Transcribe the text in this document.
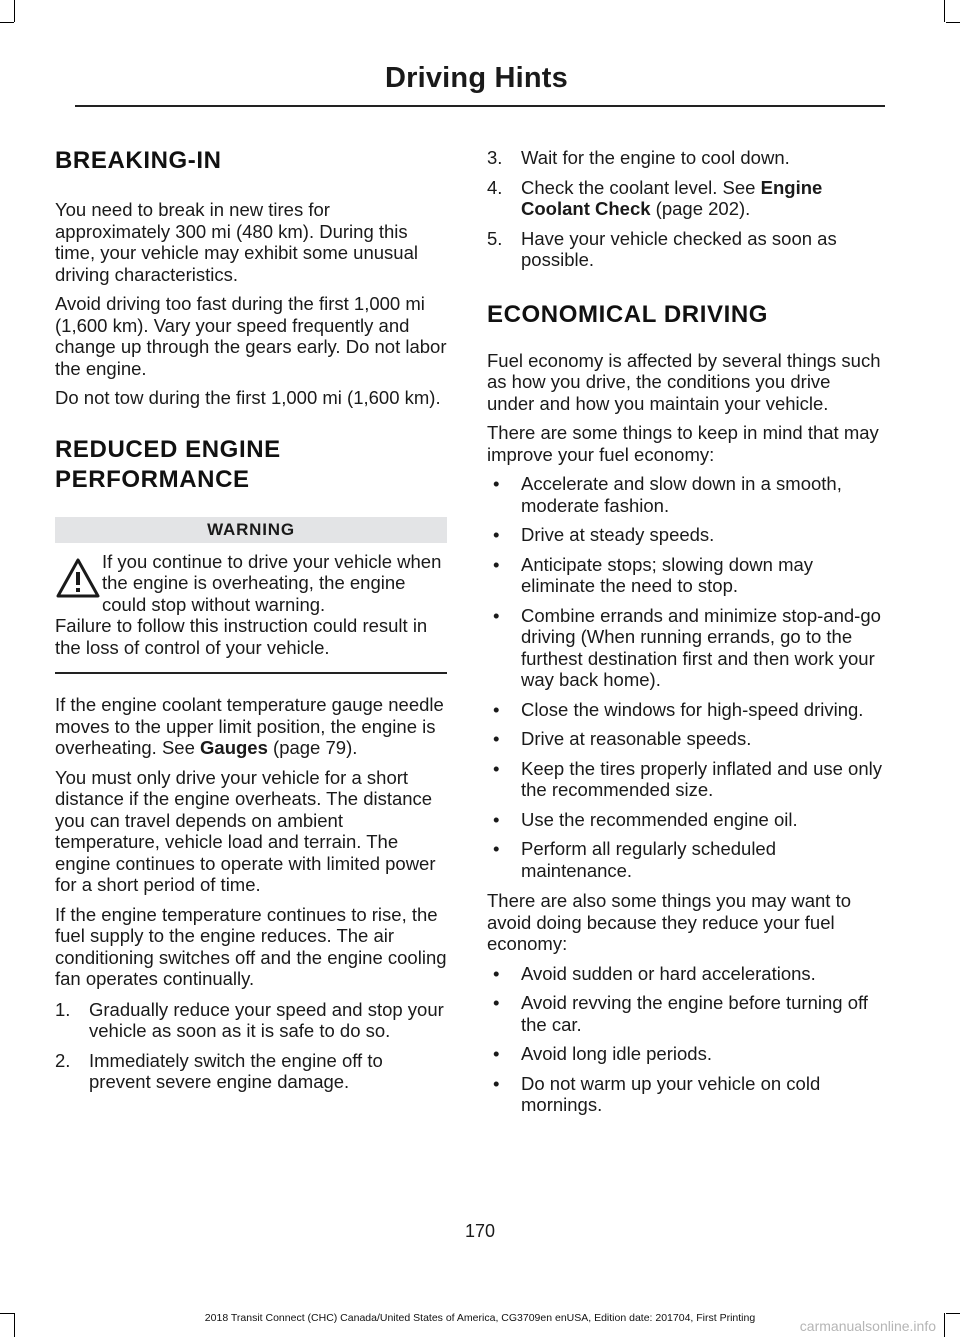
Driving Hints
BREAKING-IN

You need to break in new tires for approximately 300 mi (480 km). During this time, your vehicle may exhibit some unusual driving characteristics.

Avoid driving too fast during the first 1,000 mi (1,600 km). Vary your speed frequently and change up through the gears early. Do not labor the engine.

Do not tow during the first 1,000 mi (1,600 km).

REDUCED ENGINE
PERFORMANCE
WARNING
If you continue to drive your vehicle when the engine is overheating, the engine could stop without warning.
Failure to follow this instruction could result in the loss of control of your vehicle.

If the engine coolant temperature gauge needle moves to the upper limit position, the engine is overheating. See Gauges (page 79).

You must only drive your vehicle for a short distance if the engine overheats. The distance you can travel depends on ambient temperature, vehicle load and terrain. The engine continues to operate with limited power for a short period of time.

If the engine temperature continues to rise, the fuel supply to the engine reduces. The air conditioning switches off and the engine cooling fan operates continually.

1.	Gradually reduce your speed and stop your vehicle as soon as it is safe to do so.
2.	Immediately switch the engine off to prevent severe engine damage.
3.	Wait for the engine to cool down.
4.	Check the coolant level. See Engine Coolant Check (page 202).
5.	Have your vehicle checked as soon as possible.
ECONOMICAL DRIVING

Fuel economy is affected by several things such as how you drive, the conditions you drive under and how you maintain your vehicle.

There are some things to keep in mind that may improve your fuel economy:

•	Accelerate and slow down in a smooth, moderate fashion.
•	Drive at steady speeds.
•	Anticipate stops; slowing down may eliminate the need to stop.
•	Combine errands and minimize stop-and-go driving (When running errands, go to the furthest destination first and then work your way back home).
•	Close the windows for high-speed driving.
•	Drive at reasonable speeds.
•	Keep the tires properly inflated and use only the recommended size.
•	Use the recommended engine oil.
•	Perform all regularly scheduled maintenance.

There are also some things you may want to avoid doing because they reduce your fuel economy:

•	Avoid sudden or hard accelerations.
•	Avoid revving the engine before turning off the car.
•	Avoid long idle periods.
•	Do not warm up your vehicle on cold mornings.
170
2018 Transit Connect (CHC) Canada/United States of America, CG3709en enUSA, Edition date: 201704, First Printing	carmanualsonline.info
